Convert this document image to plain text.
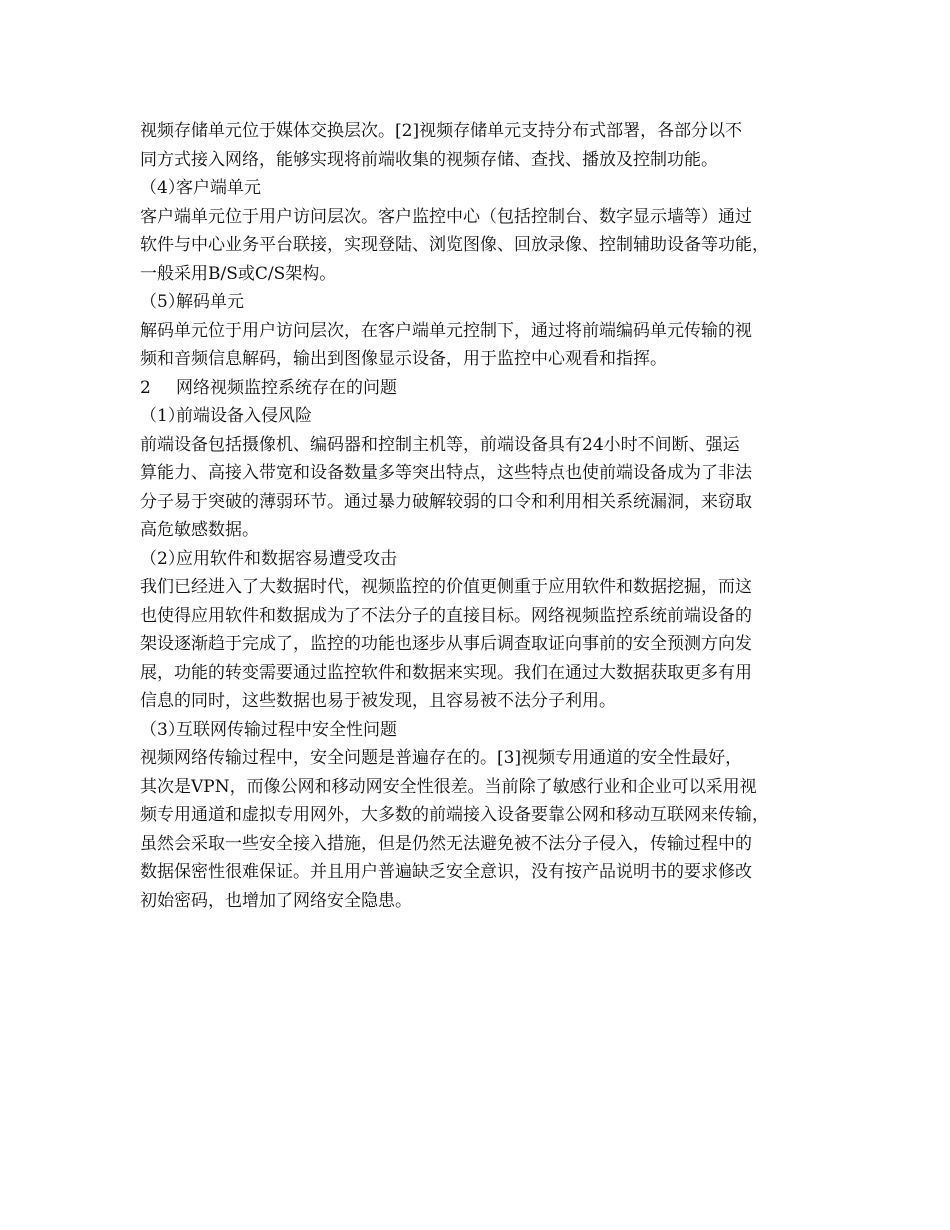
视频存储单元位于媒体交换层次。[2]视频存储单元支持分布式部署，各部分以不
同方式接入网络，能够实现将前端收集的视频存储、查找、播放及控制功能。
（4）客户端单元
客户端单元位于用户访问层次。客户监控中心（包括控制台、数字显示墙等）通过
软件与中心业务平台联接，实现登陆、浏览图像、回放录像、控制辅助设备等功能，
一般采用B/S或C/S架构。
（5）解码单元
解码单元位于用户访问层次，在客户端单元控制下，通过将前端编码单元传输的视
频和音频信息解码，输出到图像显示设备，用于监控中心观看和指挥。
2 网络视频监控系统存在的问题
（1）前端设备入侵风险
前端设备包括摄像机、编码器和控制主机等，前端设备具有24小时不间断、强运
算能力、高接入带宽和设备数量多等突出特点，这些特点也使前端设备成为了非法
分子易于突破的薄弱环节。通过暴力破解较弱的口令和利用相关系统漏洞，来窃取
高危敏感数据。
（2）应用软件和数据容易遭受攻击
我们已经进入了大数据时代，视频监控的价值更侧重于应用软件和数据挖掘，而这
也使得应用软件和数据成为了不法分子的直接目标。网络视频监控系统前端设备的
架设逐渐趋于完成了，监控的功能也逐步从事后调查取证向事前的安全预测方向发
展，功能的转变需要通过监控软件和数据来实现。我们在通过大数据获取更多有用
信息的同时，这些数据也易于被发现，且容易被不法分子利用。
（3）互联网传输过程中安全性问题
视频网络传输过程中，安全问题是普遍存在的。[3]视频专用通道的安全性最好，
其次是VPN，而像公网和移动网安全性很差。当前除了敏感行业和企业可以采用视
频专用通道和虚拟专用网外，大多数的前端接入设备要靠公网和移动互联网来传输，
虽然会采取一些安全接入措施，但是仍然无法避免被不法分子侵入，传输过程中的
数据保密性很难保证。并且用户普遍缺乏安全意识，没有按产品说明书的要求修改
初始密码，也增加了网络安全隐患。
